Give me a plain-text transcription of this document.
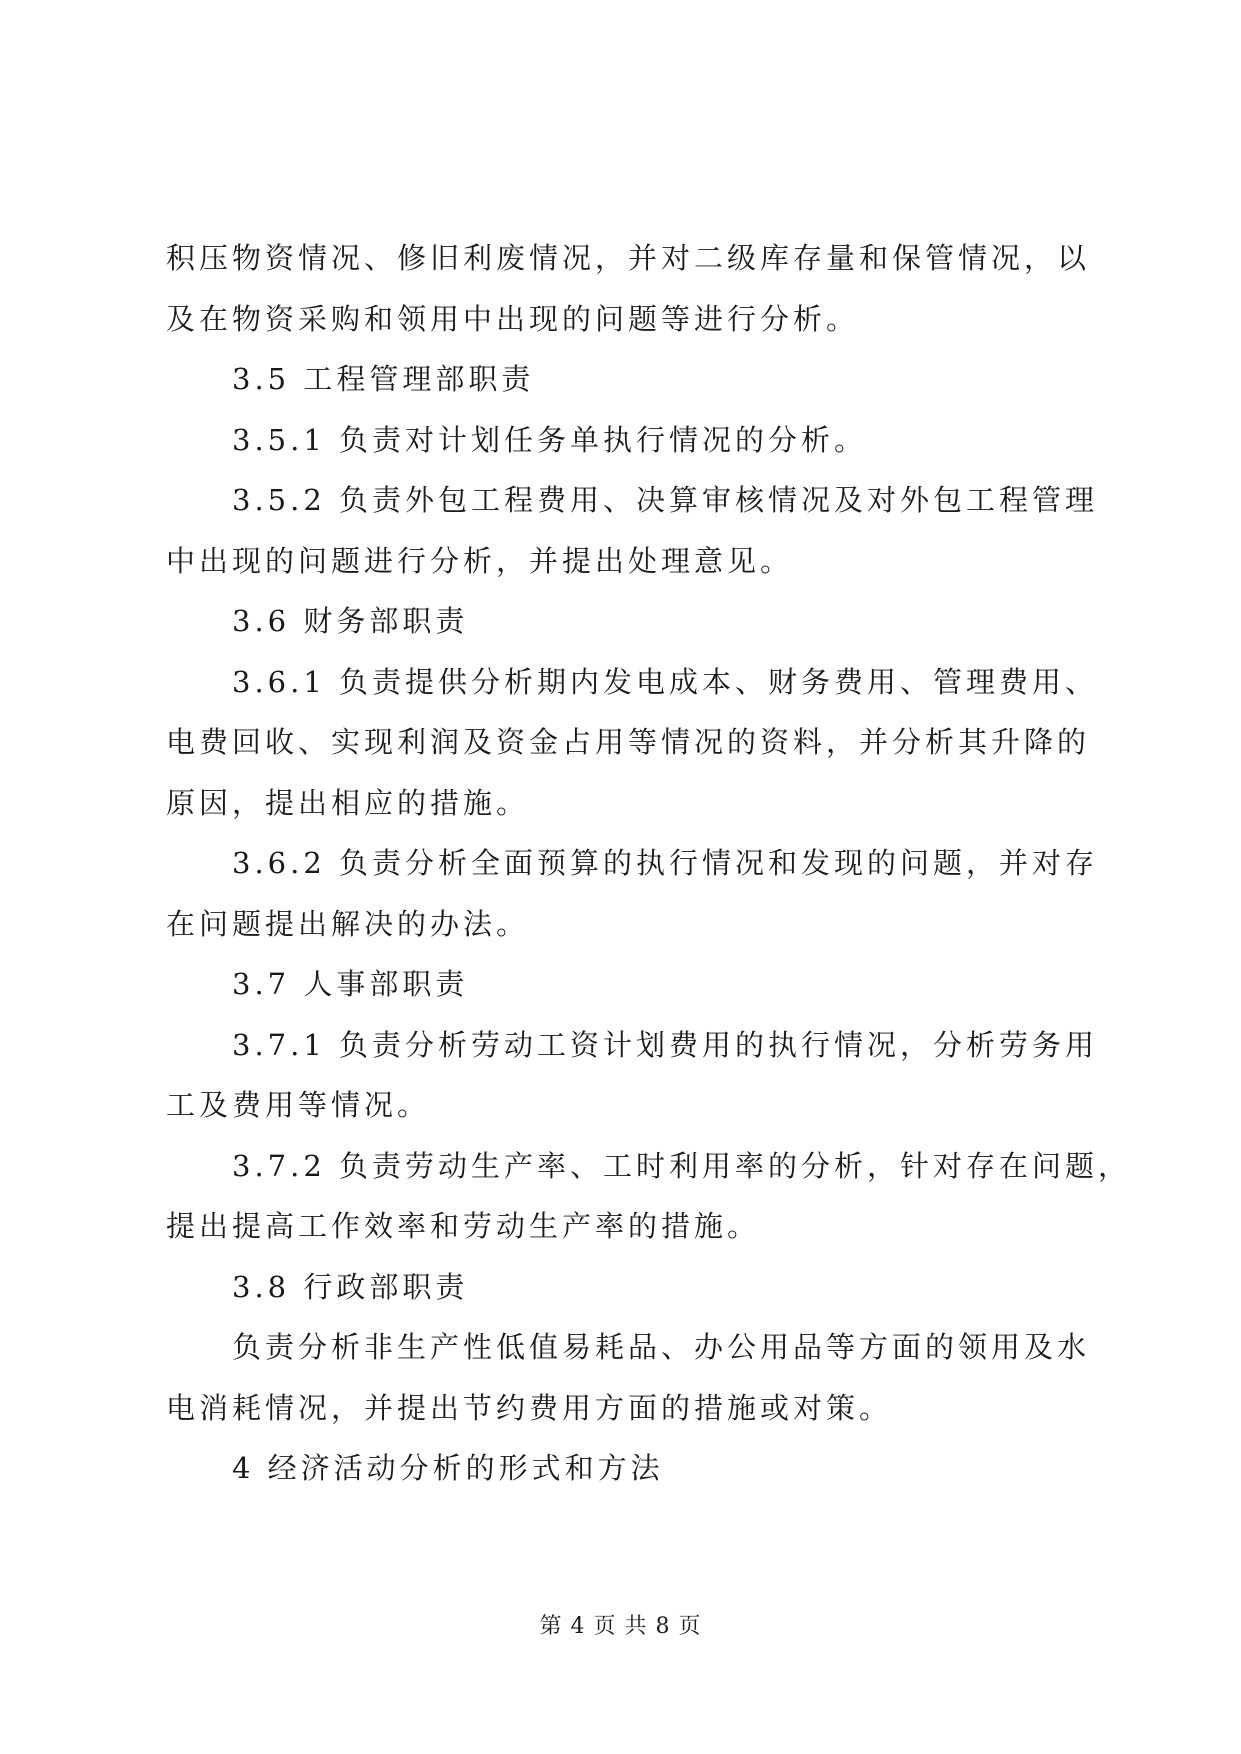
积压物资情况、修旧利废情况，并对二级库存量和保管情况，以
及在物资采购和领用中出现的问题等进行分析。
3.5 工程管理部职责
3.5.1 负责对计划任务单执行情况的分析。
3.5.2 负责外包工程费用、决算审核情况及对外包工程管理
中出现的问题进行分析，并提出处理意见。
3.6 财务部职责
3.6.1 负责提供分析期内发电成本、财务费用、管理费用、
电费回收、实现利润及资金占用等情况的资料，并分析其升降的
原因，提出相应的措施。
3.6.2 负责分析全面预算的执行情况和发现的问题，并对存
在问题提出解决的办法。
3.7 人事部职责
3.7.1 负责分析劳动工资计划费用的执行情况，分析劳务用
工及费用等情况。
3.7.2 负责劳动生产率、工时利用率的分析，针对存在问题，
提出提高工作效率和劳动生产率的措施。
3.8 行政部职责
负责分析非生产性低值易耗品、办公用品等方面的领用及水
电消耗情况，并提出节约费用方面的措施或对策。
4 经济活动分析的形式和方法
第 4 页 共 8 页
